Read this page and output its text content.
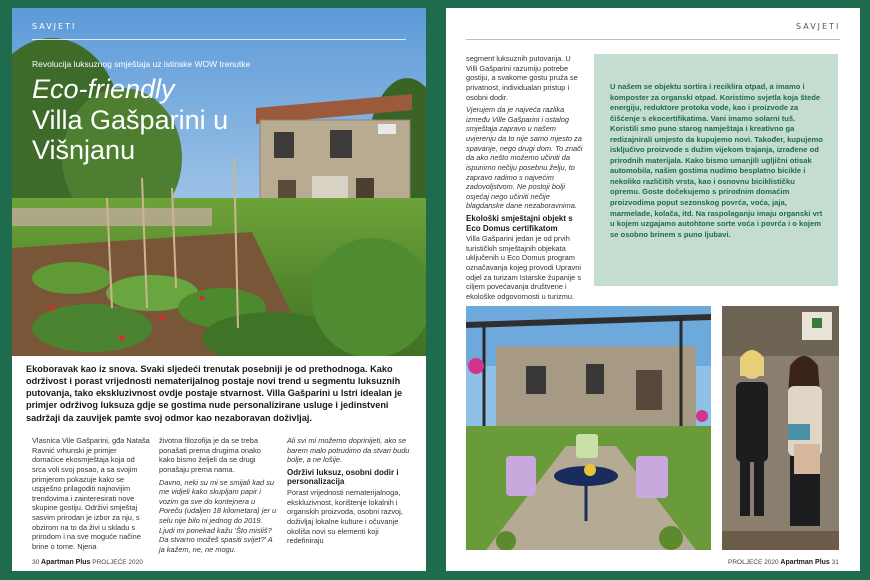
SAVJETI
Revolucija luksuznog smještaja uz istinske WOW trenutke
Eco-friendly
Villa Gašparini u Višnjanu
Ekoboravak kao iz snova. Svaki sljedeći trenutak posebniji je od prethodnoga. Kako održivost i porast vrijednosti nematerijalnog postaje novi trend u segmentu luksuznih putovanja, tako ekskluzivnost ovdje postaje stvarnost. Villa Gašparini u Istri idealan je primjer održivog luksuza gdje se gostima nude personalizirane usluge i jedinstveni sadržaji da zauvijek pamte svoj odmor kao nezaboravan doživljaj.

Vlasnica Vile Gašparini, gđa Nataša Ravnić vrhunski je primjer domaćice ekosmještaja koja od srca voli svoj posao, a sa svojim primjerom pokazuje kako se uspješno prilagoditi najnovijim trendovima i zainteresirati nove skupine gostiju. Održivi smještaj sasvim prirodan je izbor za nju, s obzirom na to da živi u skladu s prirodom i na sve moguće načine brine o tome. Njena

životna filozofija je da se treba ponašati prema drugima onako kako bismo željeli da se drugi ponašaju prema nama.

Davno, neki su mi se smijali kad su me vidjeli kako skupljam papir i vozim ga sve do kontejnera u Poreču (udaljen 18 kilometara) jer u selu nije bilo ni jednog do 2019. Ljudi mi ponekad kažu 'Što misliš? Da stvarno možeš spasiti svijet?' A ja kažem, ne, ne mogu.

Ali svi mi možemo doprinijeti, ako se barem malo potrudimo da stvari budu bolje, a ne lošije.

Održivi luksuz, osobni dodir i personalizacija

Porast vrijednosti nematerijalnoga, ekskluzivnost, korištenje lokalnih i organskih proizvoda, osobni razvoj, doživljaj lokalne kulture i očuvanje okoliša novi su elementi koji redefiniraju

30 Apartman Plus PROLJEĆE 2020
SAVJETI

segment luksuznih putovanja. U Villi Gašparini razumiju potrebe gostiju, a svakome gostu pruža se privatnost, individualan pristup i osobni dodir.

Vjerujem da je najveća razlika između Ville Gašparini i ostalog smještaja zapravo u našem uvjerenju da to nije samo mjesto za spavanje, nego drugi dom. To znači da ako nešto možemo učiniti da ispunimo nečiju posebnu želju, to zapravo radimo s najvećim zadovoljstvom. Ne postoji bolji osjećaj nego učiniti nečije blagdanske dane nezaboravnima.

Ekološki smještajni objekt s Eco Domus certifikatom

Villa Gašparini jedan je od prvih turističkih smještajnih objekata uključenih u Eco Domus program označavanja kojeg provodi Upravni odjel za turizam Istarske županije s ciljem povećavanja društvene i ekološke odgovornosti u turizmu.

U našem se objektu sortira i reciklira otpad, a imamo i komposter za organski otpad. Koristimo svjetla koja štede energiju, reduktore protoka vode, kao i proizvode za čišćenje s ekocertifikatima. Vani imamo solarni tuš. Koristili smo puno starog namještaja i kreativno ga redizajnirali umjesto da kupujemo novi. Također, kupujemo isključivo proizvode s dužim vijekom trajanja, izrađene od prirodnih materijala. Kako bismo umanjili ugljični otisak automobila, našim gostima nudimo besplatno bicikle i nekoliko različitih vrsta, kao i osnovnu biciklističku opremu. Goste dočekujemo s prirodnim domaćim proizvodima poput sezonskog povrća, voća, jaja, marmelade, kolača, itd. Na raspolaganju imaju organski vrt u kojem uzgajamo autohtone sorte voća i povrća i o kojem se osobno brinem s puno ljubavi.

PROLJEĆE 2020 Apartman Plus 31
